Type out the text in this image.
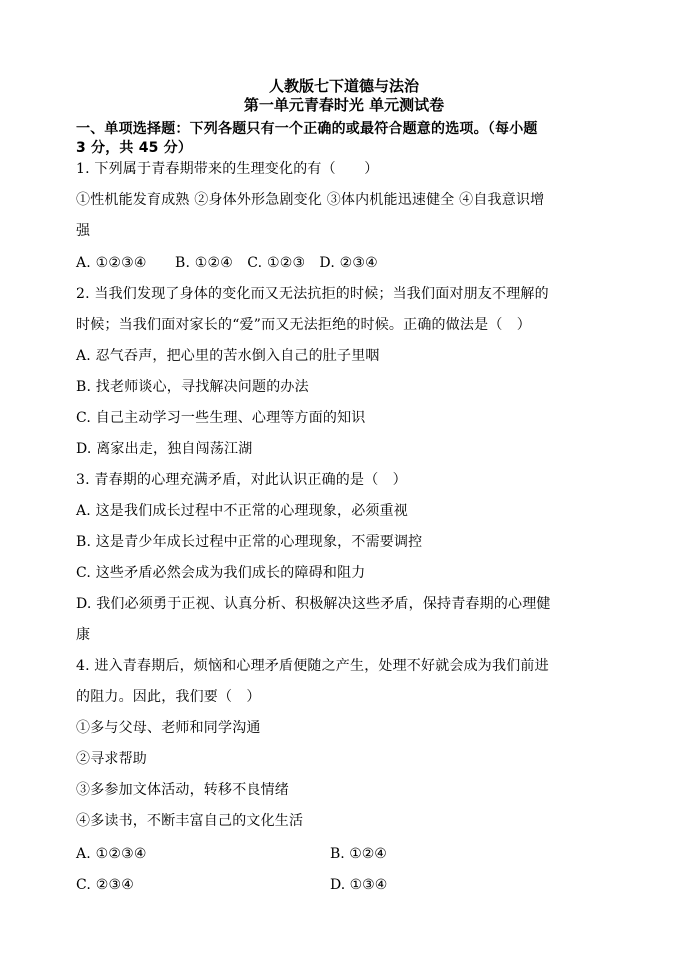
人教版七下道德与法治
第一单元青春时光 单元测试卷
一、单项选择题：下列各题只有一个正确的或最符合题意的选项。（每小题
3 分，共 45 分）
1. 下列属于青春期带来的生理变化的有（　　）
①性机能发育成熟 ②身体外形急剧变化 ③体内机能迅速健全 ④自我意识增
强
A. ①②③④　　B. ①②④　C. ①②③　D. ②③④
2. 当我们发现了身体的变化而又无法抗拒的时候；当我们面对朋友不理解的
时候；当我们面对家长的“爱”而又无法拒绝的时候。正确的做法是（　）
A. 忍气吞声，把心里的苦水倒入自己的肚子里咽
B. 找老师谈心，寻找解决问题的办法
C. 自己主动学习一些生理、心理等方面的知识
D. 离家出走，独自闯荡江湖
3. 青春期的心理充满矛盾，对此认识正确的是（　）
A. 这是我们成长过程中不正常的心理现象，必须重视
B. 这是青少年成长过程中正常的心理现象，不需要调控
C. 这些矛盾必然会成为我们成长的障碍和阻力
D. 我们必须勇于正视、认真分析、积极解决这些矛盾，保持青春期的心理健
康
4. 进入青春期后，烦恼和心理矛盾便随之产生，处理不好就会成为我们前进
的阻力。因此，我们要（　）
①多与父母、老师和同学沟通
②寻求帮助
③多参加文体活动，转移不良情绪
④多读书，不断丰富自己的文化生活
A. ①②③④	B. ①②④
C. ②③④	D. ①③④
